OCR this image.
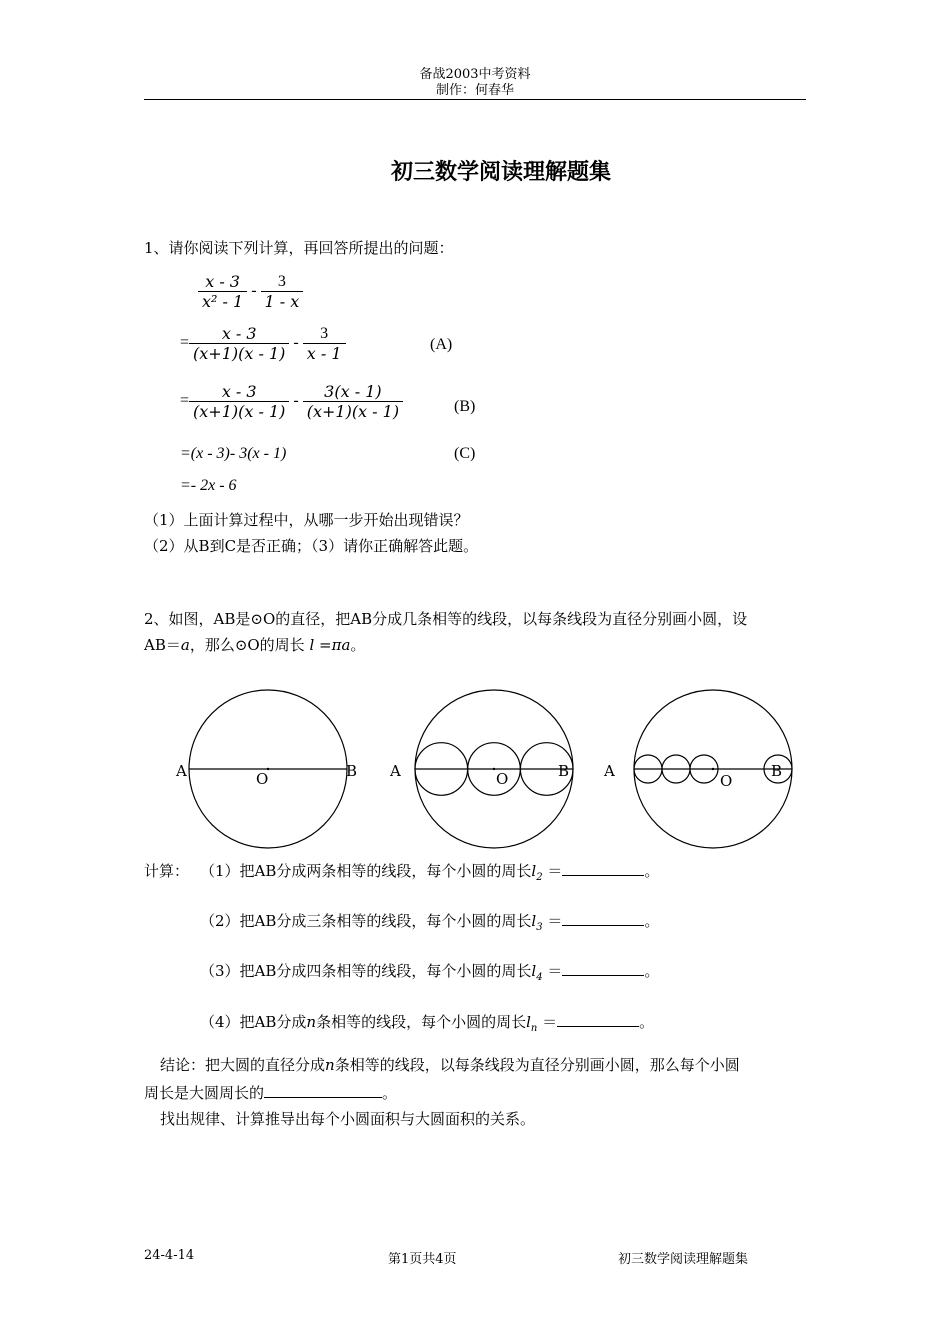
备战2003中考资料
制作：何春华
初三数学阅读理解题集
1、请你阅读下列计算，再回答所提出的问题：
$\frac{x - 3}{\text{x² - 1}} - \frac{3}{1 - x}$
= $\frac{x - 3}{(x+1)(x - 1)} - \frac{3}{x - 1}$	(A)
= $\frac{x - 3}{(x+1)(x - 1)} - \frac{3(x - 1)}{(x+1)(x - 1)}$	(B)
=(x - 3)- 3(x - 1)	(C)
=- 2x - 6
（1）上面计算过程中，从哪一步开始出现错误？
（2）从B到C是否正确；（3）请你正确解答此题。
2、如图，AB是⊙O的直径，把AB分成几条相等的线段，以每条线段为直径分别画小圆，设
AB＝a，那么⊙O的周长 l =πa。
A	O	B A	O	B A
O
B
计算： （1）把AB分成两条相等的线段，每个小圆的周长$l_2$ ＝	。
（2）把AB分成三条相等的线段，每个小圆的周长$l_3$ ＝	。
（3）把AB分成四条相等的线段，每个小圆的周长$l_4$ ＝	。
（4）把AB分成n条相等的线段，每个小圆的周长$l_n$ ＝	。
结论：把大圆的直径分成n条相等的线段，以每条线段为直径分别画小圆，那么每个小圆
周长是大圆周长的	。
找出规律、计算推导出每个小圆面积与大圆面积的关系。
24-4-14	第1页共4页	初三数学阅读理解题集
